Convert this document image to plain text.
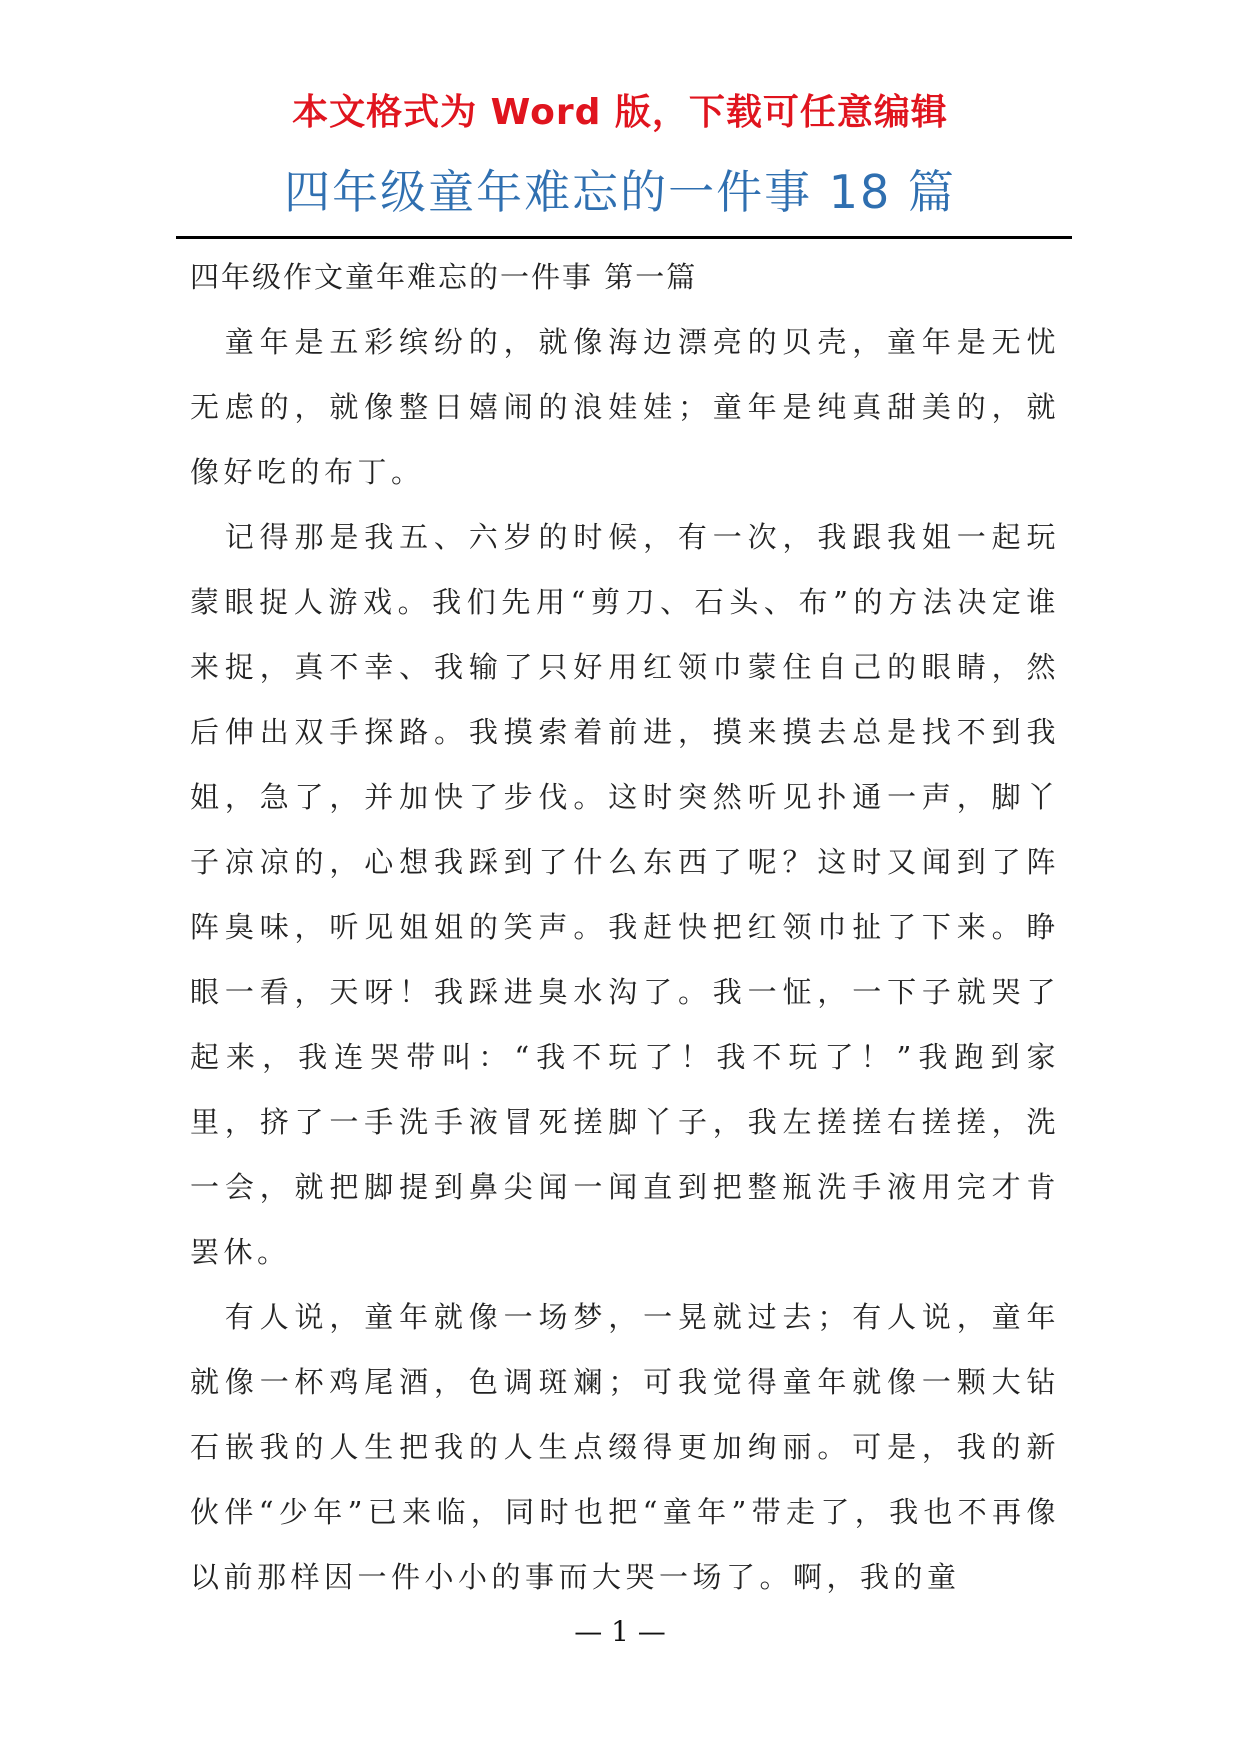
本文格式为 Word 版，下载可任意编辑
四年级童年难忘的一件事 18 篇

四年级作文童年难忘的一件事 第一篇

童年是五彩缤纷的，就像海边漂亮的贝壳，童年是无忧无虑的，就像整日嬉闹的浪娃娃；童年是纯真甜美的，就像好吃的布丁。

记得那是我五、六岁的时候，有一次，我跟我姐一起玩蒙眼捉人游戏。我们先用“剪刀、石头、布”的方法决定谁来捉，真不幸、我输了只好用红领巾蒙住自己的眼睛，然后伸出双手探路。我摸索着前进，摸来摸去总是找不到我姐，急了，并加快了步伐。这时突然听见扑通一声，脚丫子凉凉的，心想我踩到了什么东西了呢？这时又闻到了阵阵臭味，听见姐姐的笑声。我赶快把红领巾扯了下来。睁眼一看，天呀！我踩进臭水沟了。我一怔，一下子就哭了起来，我连哭带叫：“我不玩了！我不玩了！”我跑到家里，挤了一手洗手液冒死搓脚丫子，我左搓搓右搓搓，洗一会，就把脚提到鼻尖闻一闻直到把整瓶洗手液用完才肯罢休。

有人说，童年就像一场梦，一晃就过去；有人说，童年就像一杯鸡尾酒，色调斑斓；可我觉得童年就像一颗大钻石嵌我的人生把我的人生点缀得更加绚丽。可是，我的新伙伴“少年”已来临，同时也把“童年”带走了，我也不再像以前那样因一件小小的事而大哭一场了。啊，我的童

— 1 —
